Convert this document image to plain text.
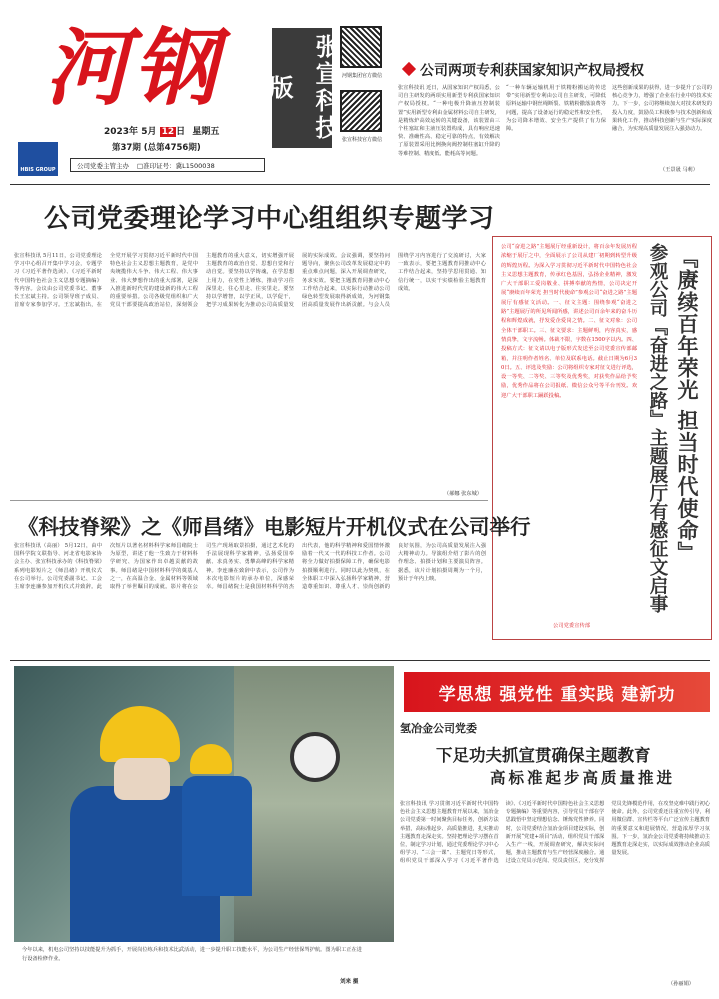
河钢	张宣科技版	河钢集团官方微信
张宣科技官方微信
HBIS GROUP
2023年 5月 12 日 星期五
第37期 (总第4756期)
公司党委主管主办 □准印证号：冀L1500038
公司两项专利获国家知识产权局授权
张宣科技讯 近日，从国家知识产权局悉，公司自主研发的两项实用新型专利获国家知识产权局授权。“一种电极升降液压控制装置”实用新型专利由金属材料公司自主研发，是精炼炉高效运转的关键设备，该装置由三个柱塞缸和主液压装置构成，具有响应迅速快、准确性高、稳定可靠的特点，有效解决了原装置采用比例换向阀控制柱塞缸升降的等难控制、精度低、能耗高等问题。
“一种车辆运输机用于铁精粉搬运的传送带”实用新型专利由公司自主研发，可降低原料运输中钢丝绳断裂、铁精粉撒落浪费等问题，提高了设备运行的稳定性和安全性，为公司降本增效、安全生产提供了有力保障。
这些创新成果的获得，进一步提升了公司的核心竞争力，增强了企业在行业中的技术实力。下一步，公司将继续加大对技术研发的投入力度，鼓励员工积极参与技术创新和成果转化工作，推动科技创新与生产实际深度融合，为实现高质量发展注入强劲动力。
（王景晟 马莉）
公司党委理论学习中心组组织专题学习
张宣科技讯 5月11日，公司党委理论学习中心组召开集中学习会，专题学习《习近平著作选读》、《习近平新时代中国特色社会主义思想专题摘编》等内容。会议由公司党委书记、董事长王宏斌主持。公司领导班子成员、首席专家参加学习。王宏斌指出，在全党开展学习贯彻习近平新时代中国特色社会主义思想主题教育，是党中央统揽伟大斗争、伟大工程、伟大事业、伟大梦想作出的重大部署，是深入推进新时代党的建设新的伟大工程的重要举措。公司各级党组织和广大党员干部要提高政治站位，深刻领会主题教育的重大意义，切实增强开展主题教育的政治自觉、思想自觉和行动自觉。要坚持以学铸魂，在学思想上用力，在党性上锤炼，推动学习往深里走、往心里走、往实里走。要坚持以学增智，以学正风，以学促干，把学习成果转化为推动公司高质量发展的实际成效。会议强调，要坚持问题导向，聚焦公司改革发展稳定中的重点难点问题，深入开展调查研究，务求实效。要把主题教育同推动中心工作结合起来，以实际行动推动公司绿色转型发展取得新成效，为河钢集团高质量发展作出新贡献。与会人员围绕学习内容进行了交流研讨，大家一致表示，要把主题教育同推动中心工作结合起来，坚持学思用贯通、知信行统一，以实干实绩检验主题教育成效。
（郝娜 张东城）
公司“奋进之路”主题展厅经重新设计，将百余年发展历程浓缩于展厅之中，全面展示了公司从建厂初期到转型升级的辉煌历程。为深入学习贯彻习近平新时代中国特色社会主义思想主题教育，传承红色基因，弘扬企业精神，激发广大干部职工爱岗敬业、拼搏奉献的热情，公司决定开展“赓续百年荣光 担当时代使命”参观公司“奋进之路”主题展厅有感征文活动。一、征文主题：围绕参观“奋进之路”主题展厅的所见所闻所感，讲述公司百余年来的奋斗历程和辉煌成就，抒发爱企爱岗之情。二、征文对象：公司全体干部职工。三、征文要求：主题鲜明，内容真实，感情真挚，文字流畅。体裁不限，字数在1500字以内。四、投稿方式：征文请以电子版形式发送至公司党委宣传部邮箱，并注明作者姓名、单位及联系电话。截止日期为6月30日。五、评选及奖励：公司将组织专家对征文进行评选，设一等奖、二等奖、三等奖及优秀奖，对获奖作品给予奖励，优秀作品将在公司报纸、微信公众号等平台刊发。欢迎广大干部职工踊跃投稿。
公司党委宣传部
『赓续百年荣光 担当时代使命』
参观公司『奋进之路』主题展厅有感征文启事
《科技脊梁》之《师昌绪》电影短片开机仪式在公司举行
张宣科技讯（高丽） 5月12日，由中国科学院文联指导、河北省电影家协会主办、张宣科技承办的《科技脊梁》系列电影短片之《师昌绪》开机仪式在公司举行。公司党委副书记、工会主席李连廉参加开机仪式并致辞。此次短片以著名材料科学家师昌绪院士为原型，讲述了他一生致力于材料科学研究、为国家作出卓越贡献的故事。师昌绪是中国材料科学的奠基人之一，在高温合金、金属材料等领域取得了举世瞩目的成就。影片将在公司生产现场取景拍摄，通过艺术化的手法展现科学家精神，弘扬爱国奉献、求真务实、勇攀高峰的科学家精神。李连廉在致辞中表示，公司作为本次电影短片的承办单位，深感荣幸。师昌绪院士是我国材料科学的杰出代表，他的科学精神和爱国情怀激励着一代又一代的科技工作者。公司将全力做好拍摄保障工作，确保电影拍摄顺利进行。同时以此为契机，在全体职工中深入弘扬科学家精神，营造尊重知识、尊重人才、崇尚创新的良好氛围，为公司高质量发展注入强大精神动力。导演组介绍了影片的创作理念、拍摄计划和主要演员阵容。据悉，该片计划拍摄周期为一个月，预计于年内上映。
今年以来，机电公司坚持以技能提升为抓手，开展岗位练兵和技术比武活动，进一步提升职工技能水平，为公司生产经营保驾护航。图为职工正在进行设备检修作业。
刘来 摄
学思想 强党性 重实践 建新功
氢冶金公司党委
下足功夫抓宣贯确保主题教育
高标准起步高质量推进
张宣科技讯 学习贯彻习近平新时代中国特色社会主义思想主题教育开展以来，氢冶金公司党委第一时间聚焦目标任务，创新方法举措，高标准起步、高质量推进，扎实推动主题教育走深走实。坚持把理论学习摆在首位，制定学习计划，通过党委理论学习中心组学习、“三会一课”、主题党日等形式，组织党员干部深入学习《习近平著作选读》、《习近平新时代中国特色社会主义思想专题摘编》等重要内容，引导党员干部在学思践悟中坚定理想信念、锤炼党性修养。同时，公司党委结合氢冶金项目建设实际，创新开展“党建+项目”活动，组织党员干部深入生产一线，开展调查研究，解决实际问题，推动主题教育与生产经营深度融合。通过设立党员示范岗、党员责任区，充分发挥党员先锋模范作用，在攻坚克难中践行初心使命。此外，公司党委还注重宣传引导，利用微信群、宣传栏等平台广泛宣传主题教育的重要意义和进展情况，营造浓厚学习氛围。下一步，氢冶金公司党委将持续推动主题教育走深走实，以实际成效推动企业高质量发展。
（孙丽娟）
